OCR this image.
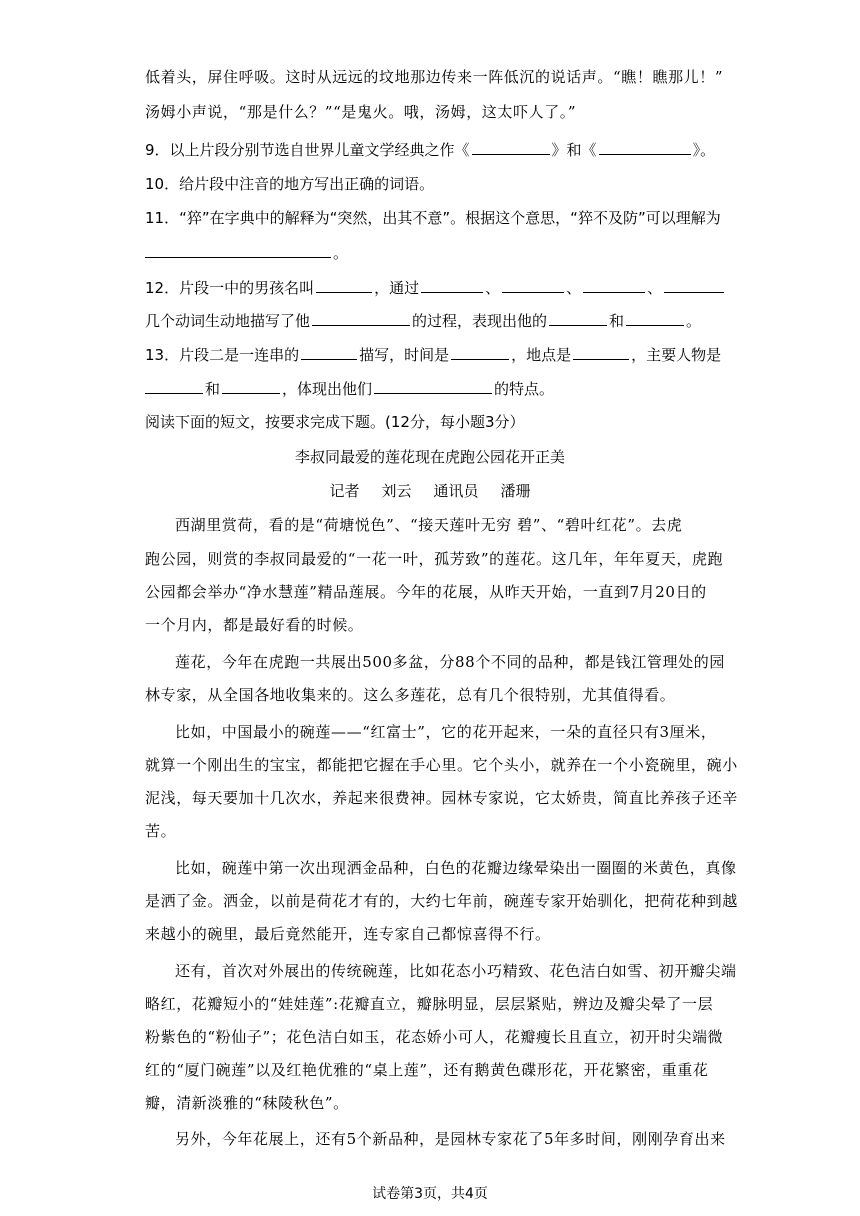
低着头，屏住呼吸。这时从远远的坟地那边传来一阵低沉的说话声。“瞧！瞧那儿！”
汤姆小声说，“那是什么？”“是鬼火。哦，汤姆，这太吓人了。”
9．以上片段分别节选自世界儿童文学经典之作《	》和《	》。
10．给片段中注音的地方写出正确的词语。
11．“猝”在字典中的解释为“突然，出其不意”。根据这个意思，“猝不及防”可以理解为
。
12．片段一中的男孩名叫	，通过	、	、	、
几个动词生动地描写了他	的过程，表现出他的	和	。
13．片段二是一连串的	描写，时间是	，地点是	，主要人物是
和	，体现出他们	的特点。
阅读下面的短文，按要求完成下题。(12分，每小题3分）
李叔同最爱的莲花现在虎跑公园花开正美
记者 刘云 通讯员 潘珊
西湖里赏荷，看的是“荷塘悦色”、“接天莲叶无穷 碧”、“碧叶红花”。去虎
跑公园，则赏的李叔同最爱的“一花一叶，孤芳致”的莲花。这几年，年年夏天，虎跑
公园都会举办“净水慧莲”精品莲展。今年的花展，从昨天开始，一直到7月20日的
一个月内，都是最好看的时候。
莲花，今年在虎跑一共展出500多盆，分88个不同的品种，都是钱江管理处的园
林专家，从全国各地收集来的。这么多莲花，总有几个很特别，尤其值得看。
比如，中国最小的碗莲——“红富士”，它的花开起来，一朵的直径只有3厘米，
就算一个刚出生的宝宝，都能把它握在手心里。它个头小，就养在一个小瓷碗里，碗小
泥浅，每天要加十几次水，养起来很费神。园林专家说，它太娇贵，简直比养孩子还辛
苦。
比如，碗莲中第一次出现洒金品种，白色的花瓣边缘晕染出一圈圈的米黄色，真像
是洒了金。洒金，以前是荷花才有的，大约七年前，碗莲专家开始驯化，把荷花种到越
来越小的碗里，最后竟然能开，连专家自己都惊喜得不行。
还有，首次对外展出的传统碗莲，比如花态小巧精致、花色洁白如雪、初开瓣尖端
略红，花瓣短小的“娃娃莲”:花瓣直立，瓣脉明显，层层紧贴，辨边及瓣尖晕了一层
粉紫色的“粉仙子”；花色洁白如玉，花态娇小可人，花瓣瘦长且直立，初开时尖端微
红的“厦门碗莲”以及红艳优雅的“桌上莲”，还有鹅黄色碟形花，开花繁密，重重花
瓣，清新淡雅的“秣陵秋色”。
另外，今年花展上，还有5个新品种，是园林专家花了5年多时间，刚刚孕育出来
试卷第3页，共4页
